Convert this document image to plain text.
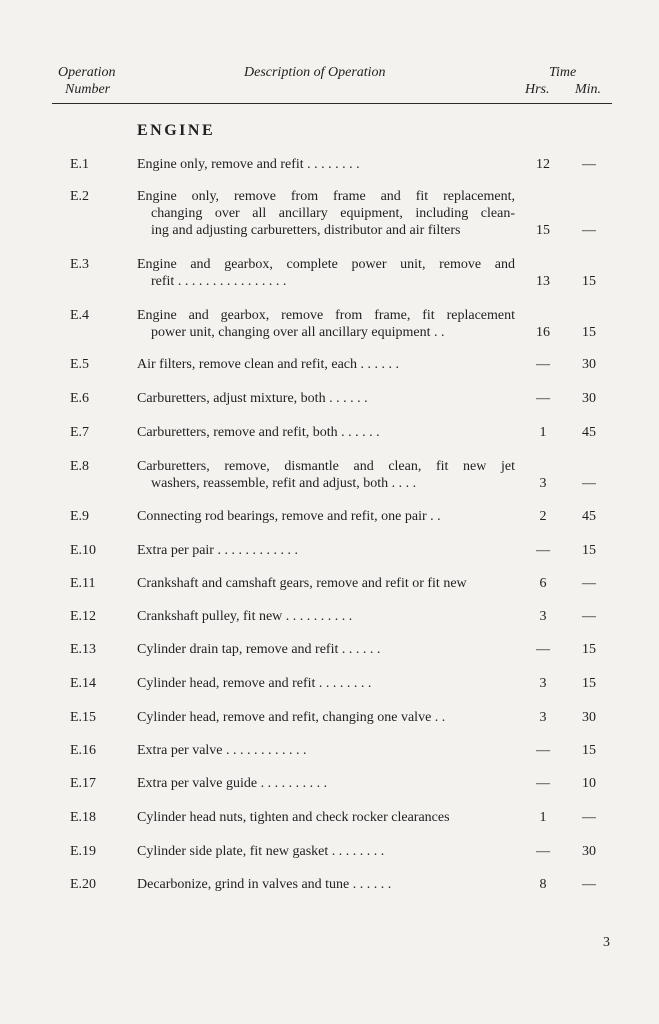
Operation
Number
Description of Operation	Time
Hrs. Min.
ENGINE
E.1	Engine only, remove and refit . . . . . . . .	12	—
E.2	Engine only, remove from frame and fit replacement,
changing over all ancillary equipment, including clean-
ing and adjusting carburetters, distributor and air filters	15	—
E.3	Engine and gearbox, complete power unit, remove and
refit . . . . . . . . . . . . . . . .	13	15
E.4	Engine and gearbox, remove from frame, fit replacement
power unit, changing over all ancillary equipment . .	16	15
E.5	Air filters, remove clean and refit, each . . . . . .	—	30
E.6	Carburetters, adjust mixture, both . . . . . .	—	30
E.7	Carburetters, remove and refit, both . . . . . .	1	45
E.8	Carburetters, remove, dismantle and clean, fit new jet
washers, reassemble, refit and adjust, both . . . .	3	—
E.9	Connecting rod bearings, remove and refit, one pair . .	2	45
E.10	Extra per pair . . . . . . . . . . . .	—	15
E.11	Crankshaft and camshaft gears, remove and refit or fit new	6	—
E.12	Crankshaft pulley, fit new . . . . . . . . . .	3	—
E.13	Cylinder drain tap, remove and refit . . . . . .	—	15
E.14	Cylinder head, remove and refit . . . . . . . .	3	15
E.15	Cylinder head, remove and refit, changing one valve . .	3	30
E.16	Extra per valve . . . . . . . . . . . .	—	15
E.17	Extra per valve guide . . . . . . . . . .	—	10
E.18	Cylinder head nuts, tighten and check rocker clearances	1	—
E.19	Cylinder side plate, fit new gasket . . . . . . . .	—	30
E.20	Decarbonize, grind in valves and tune . . . . . .	8	—
3
